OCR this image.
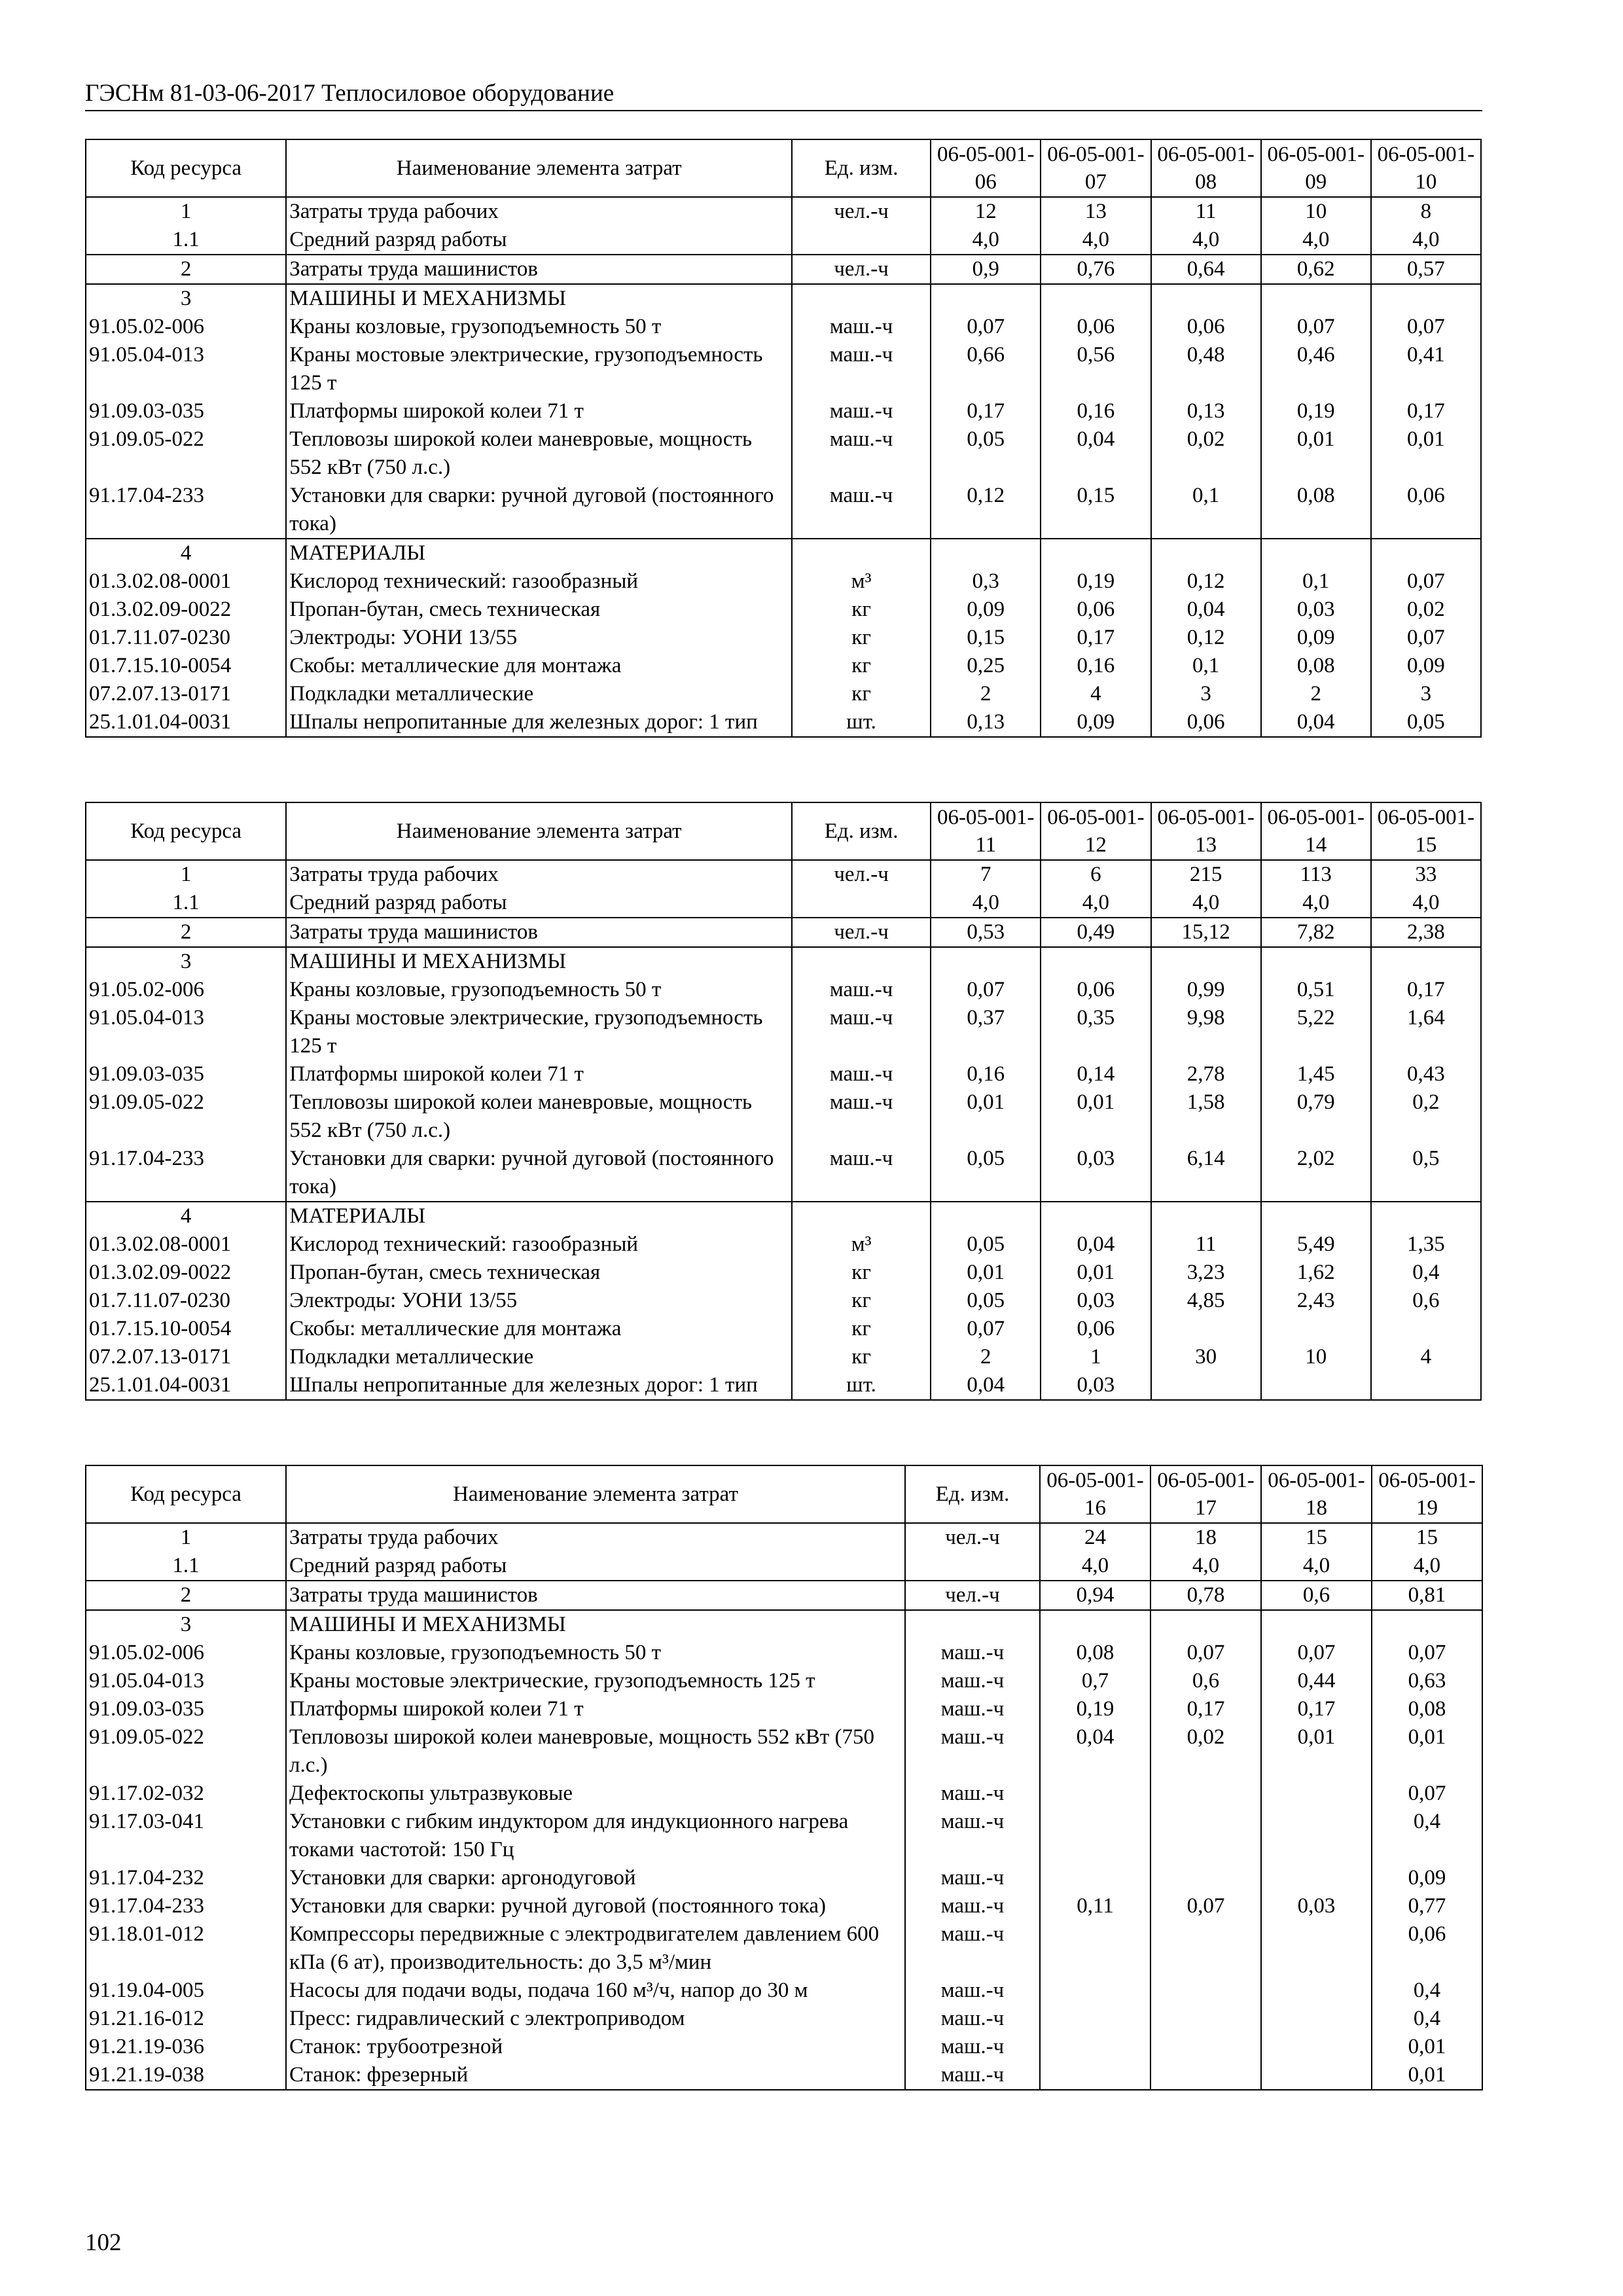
ГЭСНм 81-03-06-2017 Теплосиловое оборудование
Код ресурса	Наименование элемента затрат	Ед. изм.	06-05-001-06	06-05-001-07	06-05-001-08	06-05-001-09	06-05-001-10
1	Затраты труда рабочих	чел.-ч	12	13	11	10	8
1.1	Средний разряд работы		4,0	4,0	4,0	4,0	4,0
2	Затраты труда машинистов	чел.-ч	0,9	0,76	0,64	0,62	0,57
3	МАШИНЫ И МЕХАНИЗМЫ						
91.05.02-006	Краны козловые, грузоподъемность 50 т	маш.-ч	0,07	0,06	0,06	0,07	0,07
91.05.04-013	Краны мостовые электрические, грузоподъемность 125 т	маш.-ч	0,66	0,56	0,48	0,46	0,41
91.09.03-035	Платформы широкой колеи 71 т	маш.-ч	0,17	0,16	0,13	0,19	0,17
91.09.05-022	Тепловозы широкой колеи маневровые, мощность 552 кВт (750 л.с.)	маш.-ч	0,05	0,04	0,02	0,01	0,01
91.17.04-233	Установки для сварки: ручной дуговой (постоянного тока)	маш.-ч	0,12	0,15	0,1	0,08	0,06
4	МАТЕРИАЛЫ						
01.3.02.08-0001	Кислород технический: газообразный	м³	0,3	0,19	0,12	0,1	0,07
01.3.02.09-0022	Пропан-бутан, смесь техническая	кг	0,09	0,06	0,04	0,03	0,02
01.7.11.07-0230	Электроды: УОНИ 13/55	кг	0,15	0,17	0,12	0,09	0,07
01.7.15.10-0054	Скобы: металлические для монтажа	кг	0,25	0,16	0,1	0,08	0,09
07.2.07.13-0171	Подкладки металлические	кг	2	4	3	2	3
25.1.01.04-0031	Шпалы непропитанные для железных дорог: 1 тип	шт.	0,13	0,09	0,06	0,04	0,05
Код ресурса	Наименование элемента затрат	Ед. изм.	06-05-001-11	06-05-001-12	06-05-001-13	06-05-001-14	06-05-001-15
1	Затраты труда рабочих	чел.-ч	7	6	215	113	33
1.1	Средний разряд работы		4,0	4,0	4,0	4,0	4,0
2	Затраты труда машинистов	чел.-ч	0,53	0,49	15,12	7,82	2,38
3	МАШИНЫ И МЕХАНИЗМЫ						
91.05.02-006	Краны козловые, грузоподъемность 50 т	маш.-ч	0,07	0,06	0,99	0,51	0,17
91.05.04-013	Краны мостовые электрические, грузоподъемность 125 т	маш.-ч	0,37	0,35	9,98	5,22	1,64
91.09.03-035	Платформы широкой колеи 71 т	маш.-ч	0,16	0,14	2,78	1,45	0,43
91.09.05-022	Тепловозы широкой колеи маневровые, мощность 552 кВт (750 л.с.)	маш.-ч	0,01	0,01	1,58	0,79	0,2
91.17.04-233	Установки для сварки: ручной дуговой (постоянного тока)	маш.-ч	0,05	0,03	6,14	2,02	0,5
4	МАТЕРИАЛЫ						
01.3.02.08-0001	Кислород технический: газообразный	м³	0,05	0,04	11	5,49	1,35
01.3.02.09-0022	Пропан-бутан, смесь техническая	кг	0,01	0,01	3,23	1,62	0,4
01.7.11.07-0230	Электроды: УОНИ 13/55	кг	0,05	0,03	4,85	2,43	0,6
01.7.15.10-0054	Скобы: металлические для монтажа	кг	0,07	0,06			
07.2.07.13-0171	Подкладки металлические	кг	2	1	30	10	4
25.1.01.04-0031	Шпалы непропитанные для железных дорог: 1 тип	шт.	0,04	0,03			
Код ресурса	Наименование элемента затрат	Ед. изм.	06-05-001-16	06-05-001-17	06-05-001-18	06-05-001-19
1	Затраты труда рабочих	чел.-ч	24	18	15	15
1.1	Средний разряд работы		4,0	4,0	4,0	4,0
2	Затраты труда машинистов	чел.-ч	0,94	0,78	0,6	0,81
3	МАШИНЫ И МЕХАНИЗМЫ					
91.05.02-006	Краны козловые, грузоподъемность 50 т	маш.-ч	0,08	0,07	0,07	0,07
91.05.04-013	Краны мостовые электрические, грузоподъемность 125 т	маш.-ч	0,7	0,6	0,44	0,63
91.09.03-035	Платформы широкой колеи 71 т	маш.-ч	0,19	0,17	0,17	0,08
91.09.05-022	Тепловозы широкой колеи маневровые, мощность 552 кВт (750 л.с.)	маш.-ч	0,04	0,02	0,01	0,01
91.17.02-032	Дефектоскопы ультразвуковые	маш.-ч				0,07
91.17.03-041	Установки с гибким индуктором для индукционного нагрева токами частотой: 150 Гц	маш.-ч				0,4
91.17.04-232	Установки для сварки: аргонодуговой	маш.-ч				0,09
91.17.04-233	Установки для сварки: ручной дуговой (постоянного тока)	маш.-ч	0,11	0,07	0,03	0,77
91.18.01-012	Компрессоры передвижные с электродвигателем давлением 600 кПа (6 ат), производительность: до 3,5 м³/мин	маш.-ч				0,06
91.19.04-005	Насосы для подачи воды, подача 160 м³/ч, напор до 30 м	маш.-ч				0,4
91.21.16-012	Пресс: гидравлический с электроприводом	маш.-ч				0,4
91.21.19-036	Станок: трубоотрезной	маш.-ч				0,01
91.21.19-038	Станок: фрезерный	маш.-ч				0,01
102
